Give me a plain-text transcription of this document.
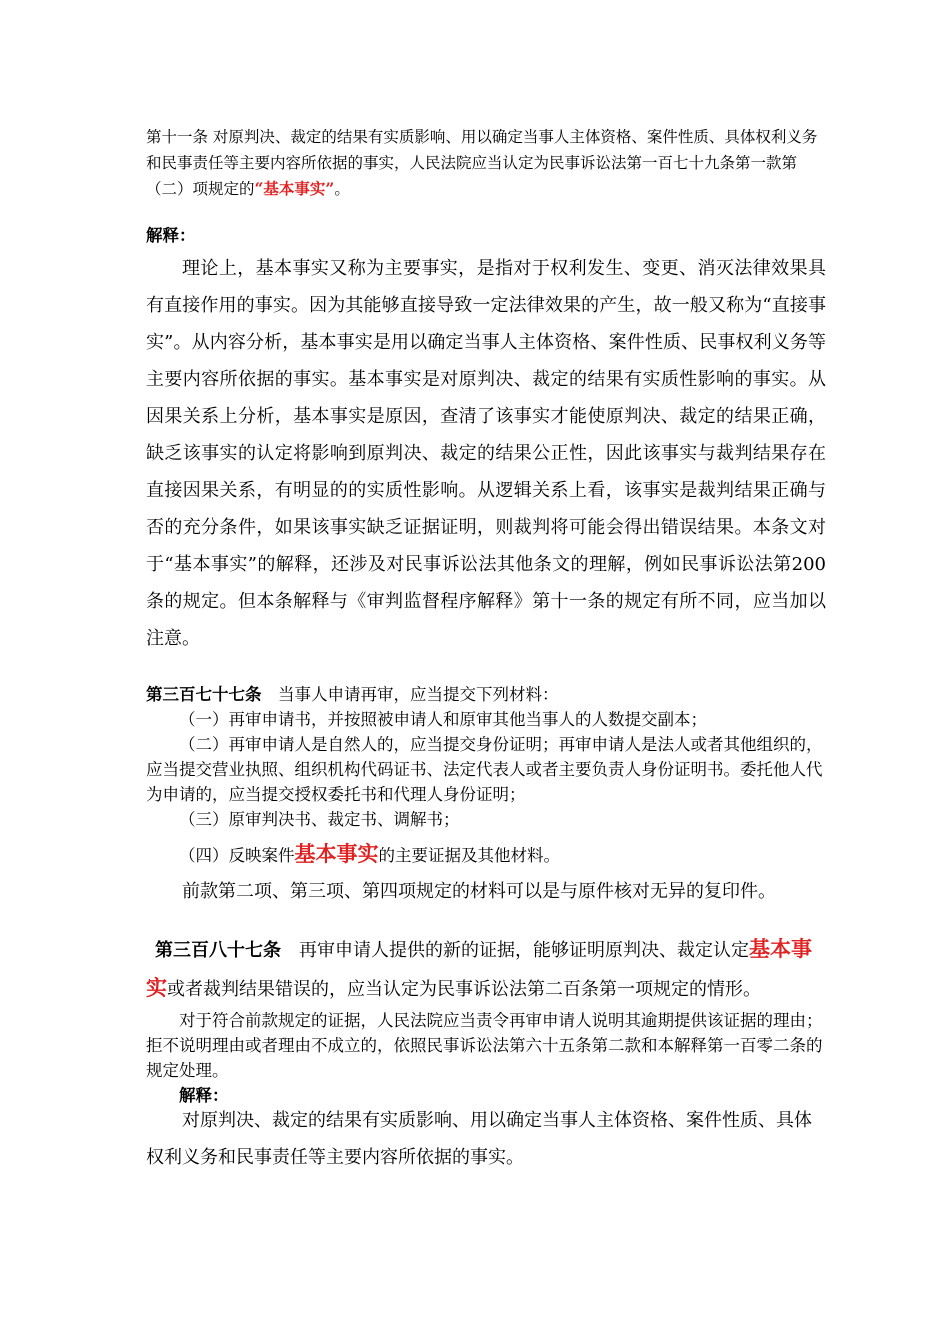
第十一条 对原判决、裁定的结果有实质影响、用以确定当事人主体资格、案件性质、具体权利义务和民事责任等主要内容所依据的事实，人民法院应当认定为民事诉讼法第一百七十九条第一款第（二）项规定的“基本事实”。
解释：
理论上，基本事实又称为主要事实，是指对于权利发生、变更、消灭法律效果具有直接作用的事实。因为其能够直接导致一定法律效果的产生，故一般又称为“直接事实”。从内容分析，基本事实是用以确定当事人主体资格、案件性质、民事权利义务等主要内容所依据的事实。基本事实是对原判决、裁定的结果有实质性影响的事实。从因果关系上分析，基本事实是原因，查清了该事实才能使原判决、裁定的结果正确，缺乏该事实的认定将影响到原判决、裁定的结果公正性，因此该事实与裁判结果存在直接因果关系，有明显的的实质性影响。从逻辑关系上看，该事实是裁判结果正确与否的充分条件，如果该事实缺乏证据证明，则裁判将可能会得出错误结果。本条文对于“基本事实”的解释，还涉及对民事诉讼法其他条文的理解，例如民事诉讼法第200条的规定。但本条解释与《审判监督程序解释》第十一条的规定有所不同，应当加以注意。

第三百七十七条　当事人申请再审，应当提交下列材料：

（一）再审申请书，并按照被申请人和原审其他当事人的人数提交副本；

（二）再审申请人是自然人的，应当提交身份证明；再审申请人是法人或者其他组织的，应当提交营业执照、组织机构代码证书、法定代表人或者主要负责人身份证明书。委托他人代为申请的，应当提交授权委托书和代理人身份证明；

（三）原审判决书、裁定书、调解书；

（四）反映案件基本事实的主要证据及其他材料。

前款第二项、第三项、第四项规定的材料可以是与原件核对无异的复印件。

第三百八十七条　再审申请人提供的新的证据，能够证明原判决、裁定认定基本事实或者裁判结果错误的，应当认定为民事诉讼法第二百条第一项规定的情形。

对于符合前款规定的证据，人民法院应当责令再审申请人说明其逾期提供该证据的理由；拒不说明理由或者理由不成立的，依照民事诉讼法第六十五条第二款和本解释第一百零二条的规定处理。

解释：

对原判决、裁定的结果有实质影响、用以确定当事人主体资格、案件性质、具体权利义务和民事责任等主要内容所依据的事实。
